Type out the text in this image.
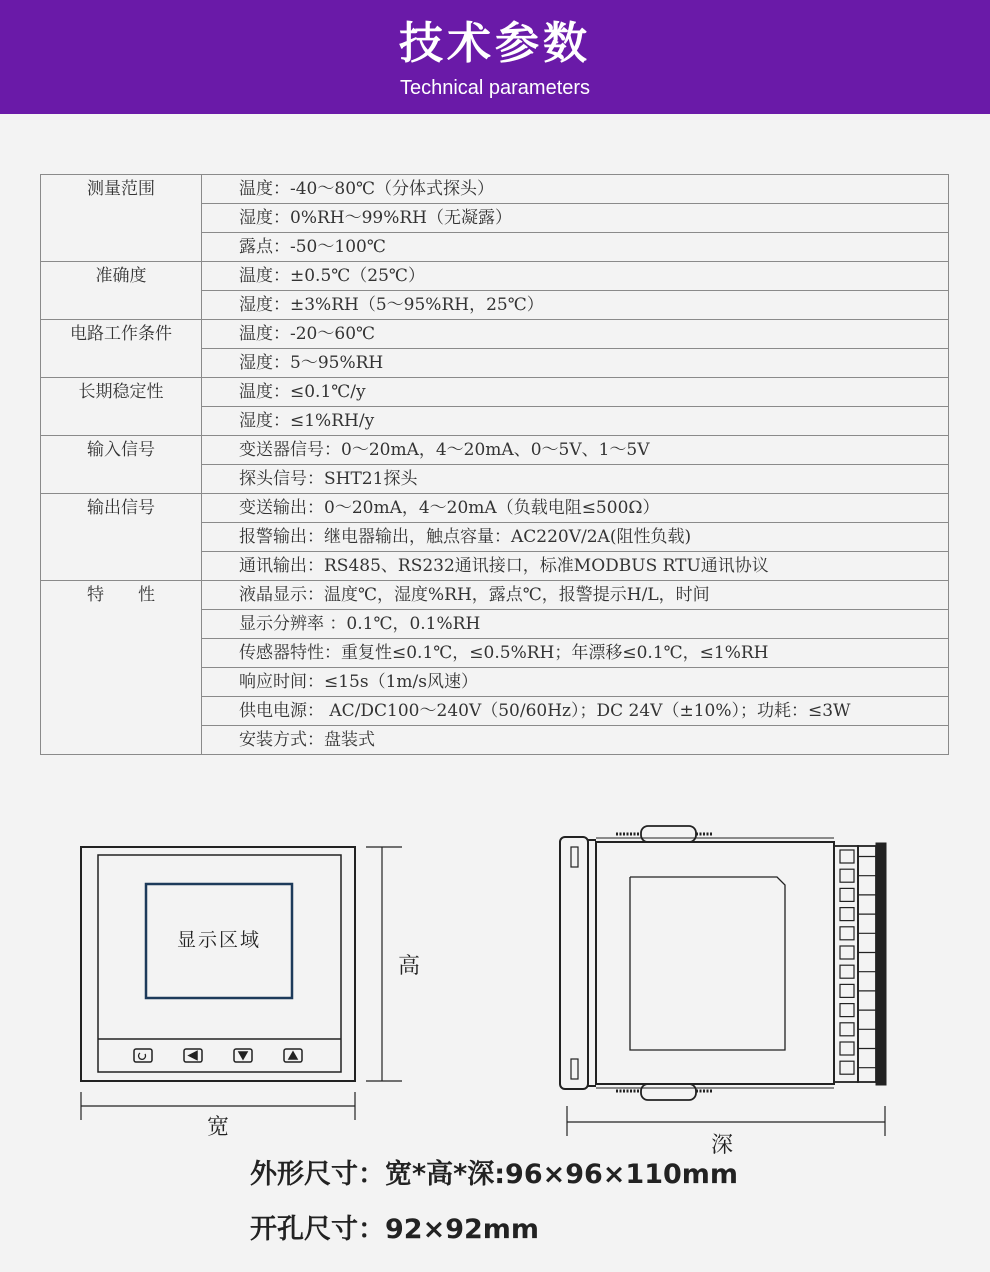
技术参数
Technical parameters
测量范围	温度：-40～80℃（分体式探头）
	湿度：0%RH～99%RH（无凝露）
	露点：-50～100℃

准确度	温度：±0.5℃（25℃）
	湿度：±3%RH（5～95%RH，25℃）

电路工作条件	温度：-20～60℃
	湿度：5～95%RH

长期稳定性	温度：≤0.1℃/y
	湿度：≤1%RH/y

输入信号	变送器信号：0～20mA，4～20mA、0～5V、1～5V
	探头信号：SHT21探头

输出信号	变送输出：0～20mA，4～20mA（负载电阻≤500Ω）
	报警输出：继电器输出，触点容量：AC220V/2A(阻性负载)
	通讯输出：RS485、RS232通讯接口，标准MODBUS RTU通讯协议

特　　性	液晶显示：温度℃，湿度%RH，露点℃，报警提示H/L，时间
	显示分辨率 ：0.1℃，0.1%RH
	传感器特性：重复性≤0.1℃，≤0.5%RH；年漂移≤0.1℃，≤1%RH
	响应时间：≤15s（1m/s风速）
	供电电源： AC/DC100～240V（50/60Hz）；DC 24V（±10%）；功耗：≤3W
	安装方式：盘装式
显示区域
高
宽
深
外形尺寸：宽*高*深:96×96×110mm
开孔尺寸：92×92mm
